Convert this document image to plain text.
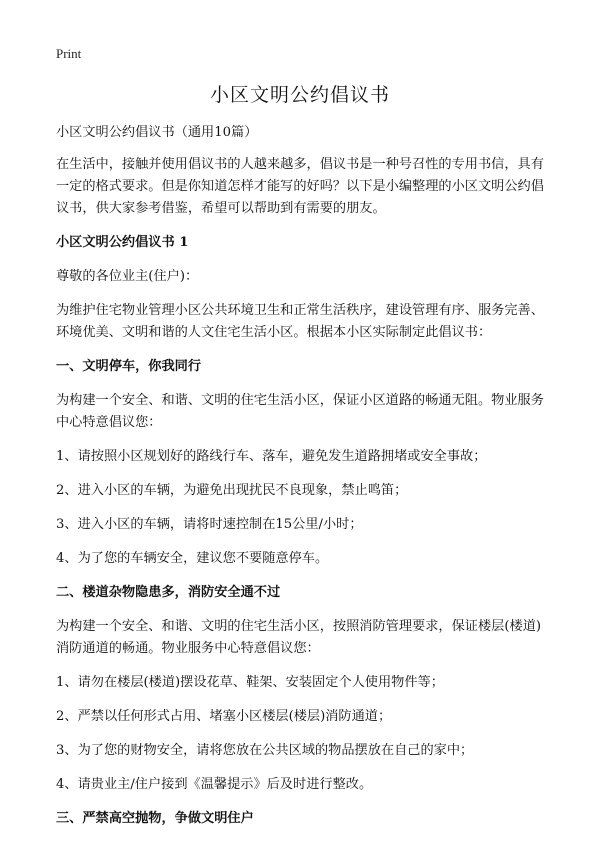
Print
小区文明公约倡议书

小区文明公约倡议书（通用10篇）

在生活中，接触并使用倡议书的人越来越多，倡议书是一种号召性的专用书信，具有一定的格式要求。但是你知道怎样才能写的好吗？以下是小编整理的小区文明公约倡议书，供大家参考借鉴，希望可以帮助到有需要的朋友。

小区文明公约倡议书 1

尊敬的各位业主(住户)：

为维护住宅物业管理小区公共环境卫生和正常生活秩序，建设管理有序、服务完善、环境优美、文明和谐的人文住宅生活小区。根据本小区实际制定此倡议书：

一、文明停车，你我同行

为构建一个安全、和谐、文明的住宅生活小区，保证小区道路的畅通无阻。物业服务中心特意倡议您：

1、请按照小区规划好的路线行车、落车，避免发生道路拥堵或安全事故；

2、进入小区的车辆，为避免出现扰民不良现象，禁止鸣笛；

3、进入小区的车辆，请将时速控制在15公里/小时；

4、为了您的车辆安全，建议您不要随意停车。

二、楼道杂物隐患多，消防安全通不过

为构建一个安全、和谐、文明的住宅生活小区，按照消防管理要求，保证楼层(楼道)消防通道的畅通。物业服务中心特意倡议您：

1、请勿在楼层(楼道)摆设花草、鞋架、安装固定个人使用物件等；

2、严禁以任何形式占用、堵塞小区楼层(楼层)消防通道；

3、为了您的财物安全，请将您放在公共区域的物品摆放在自己的家中；

4、请贵业主/住户接到《温馨提示》后及时进行整改。

三、严禁高空抛物，争做文明住户
